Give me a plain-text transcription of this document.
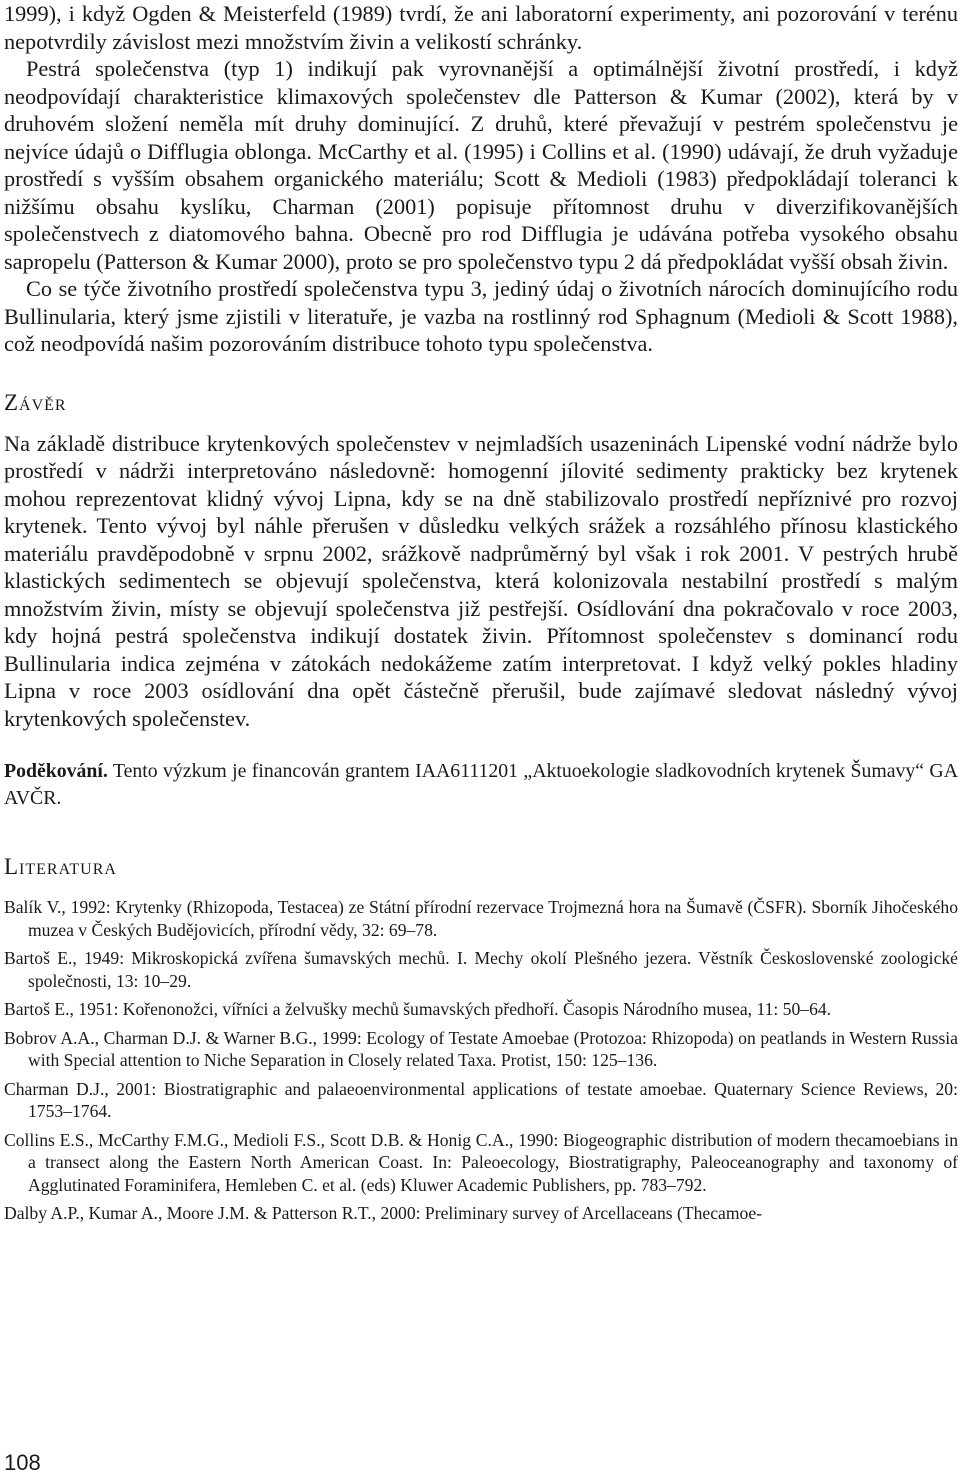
1999), i když Ogden & Meisterfeld (1989) tvrdí, že ani laboratorní experimenty, ani pozorování v terénu nepotvrdily závislost mezi množstvím živin a velikostí schránky.

Pestrá společenstva (typ 1) indikují pak vyrovnanější a optimálnější životní prostředí, i když neodpovídají charakteristice klimaxových společenstev dle Patterson & Kumar (2002), která by v druhovém složení neměla mít druhy dominující. Z druhů, které převažují v pestrém společenstvu je nejvíce údajů o Difflugia oblonga. McCarthy et al. (1995) i Collins et al. (1990) udávají, že druh vyžaduje prostředí s vyšším obsahem organického materiálu; Scott & Medioli (1983) předpokládají toleranci k nižšímu obsahu kyslíku, Charman (2001) popisuje přítomnost druhu v diverzifikovanějších společenstvech z diatomového bahna. Obecně pro rod Difflugia je udávána potřeba vysokého obsahu sapropelu (Patterson & Kumar 2000), proto se pro společenstvo typu 2 dá předpokládat vyšší obsah živin.

Co se týče životního prostředí společenstva typu 3, jediný údaj o životních nárocích dominujícího rodu Bullinularia, který jsme zjistili v literatuře, je vazba na rostlinný rod Sphagnum (Medioli & Scott 1988), což neodpovídá našim pozorováním distribuce tohoto typu společenstva.

Závěr

Na základě distribuce krytenkových společenstev v nejmladších usazeninách Lipenské vodní nádrže bylo prostředí v nádrži interpretováno následovně: homogenní jílovité sedimenty prakticky bez krytenek mohou reprezentovat klidný vývoj Lipna, kdy se na dně stabilizovalo prostředí nepříznivé pro rozvoj krytenek. Tento vývoj byl náhle přerušen v důsledku velkých srážek a rozsáhlého přínosu klastického materiálu pravděpodobně v srpnu 2002, srážkově nadprůměrný byl však i rok 2001. V pestrých hrubě klastických sedimentech se objevují společenstva, která kolonizovala nestabilní prostředí s malým množstvím živin, místy se objevují společenstva již pestřejší. Osídlování dna pokračovalo v roce 2003, kdy hojná pestrá společenstva indikují dostatek živin. Přítomnost společenstev s dominancí rodu Bullinularia indica zejména v zátokách nedokážeme zatím interpretovat. I když velký pokles hladiny Lipna v roce 2003 osídlování dna opět částečně přerušil, bude zajímavé sledovat následný vývoj krytenkových společenstev.

Poděkování. Tento výzkum je financován grantem IAA6111201 „Aktuoekologie sladkovodních krytenek Šumavy“ GA AVČR.

Literatura

Balík V., 1992: Krytenky (Rhizopoda, Testacea) ze Státní přírodní rezervace Trojmezná hora na Šumavě (ČSFR). Sborník Jihočeského muzea v Českých Budějovicích, přírodní vědy, 32: 69–78.

Bartoš E., 1949: Mikroskopická zvířena šumavských mechů. I. Mechy okolí Plešného jezera. Věstník Československé zoologické společnosti, 13: 10–29.

Bartoš E., 1951: Kořenonožci, vířníci a želvušky mechů šumavských předhoří. Časopis Národního musea, 11: 50–64.

Bobrov A.A., Charman D.J. & Warner B.G., 1999: Ecology of Testate Amoebae (Protozoa: Rhizopoda) on peatlands in Western Russia with Special attention to Niche Separation in Closely related Taxa. Protist, 150: 125–136.

Charman D.J., 2001: Biostratigraphic and palaeoenvironmental applications of testate amoebae. Quaternary Science Reviews, 20: 1753–1764.

Collins E.S., McCarthy F.M.G., Medioli F.S., Scott D.B. & Honig C.A., 1990: Biogeographic distribution of modern thecamoebians in a transect along the Eastern North American Coast. In: Paleoecology, Biostratigraphy, Paleoceanography and taxonomy of Agglutinated Foraminifera, Hemleben C. et al. (eds) Kluwer Academic Publishers, pp. 783–792.

Dalby A.P., Kumar A., Moore J.M. & Patterson R.T., 2000: Preliminary survey of Arcellaceans (Thecamoe-

108
